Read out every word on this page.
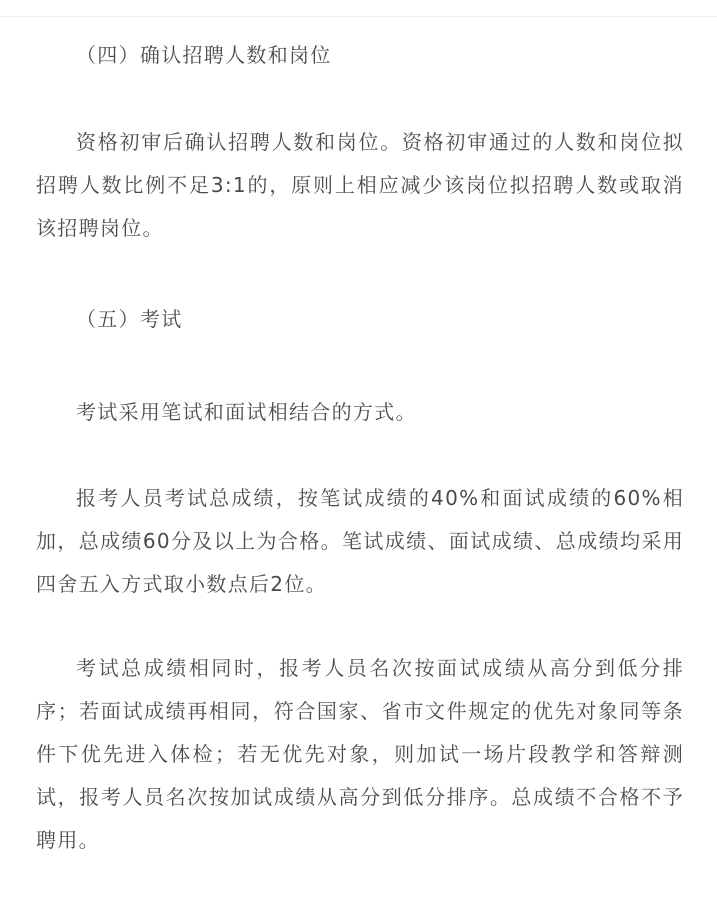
（四）确认招聘人数和岗位

资格初审后确认招聘人数和岗位。资格初审通过的人数和岗位拟招聘人数比例不足3:1的，原则上相应减少该岗位拟招聘人数或取消该招聘岗位。

（五）考试

考试采用笔试和面试相结合的方式。

报考人员考试总成绩，按笔试成绩的40%和面试成绩的60%相加，总成绩60分及以上为合格。笔试成绩、面试成绩、总成绩均采用四舍五入方式取小数点后2位。

考试总成绩相同时，报考人员名次按面试成绩从高分到低分排序；若面试成绩再相同，符合国家、省市文件规定的优先对象同等条件下优先进入体检；若无优先对象，则加试一场片段教学和答辩测试，报考人员名次按加试成绩从高分到低分排序。总成绩不合格不予聘用。
